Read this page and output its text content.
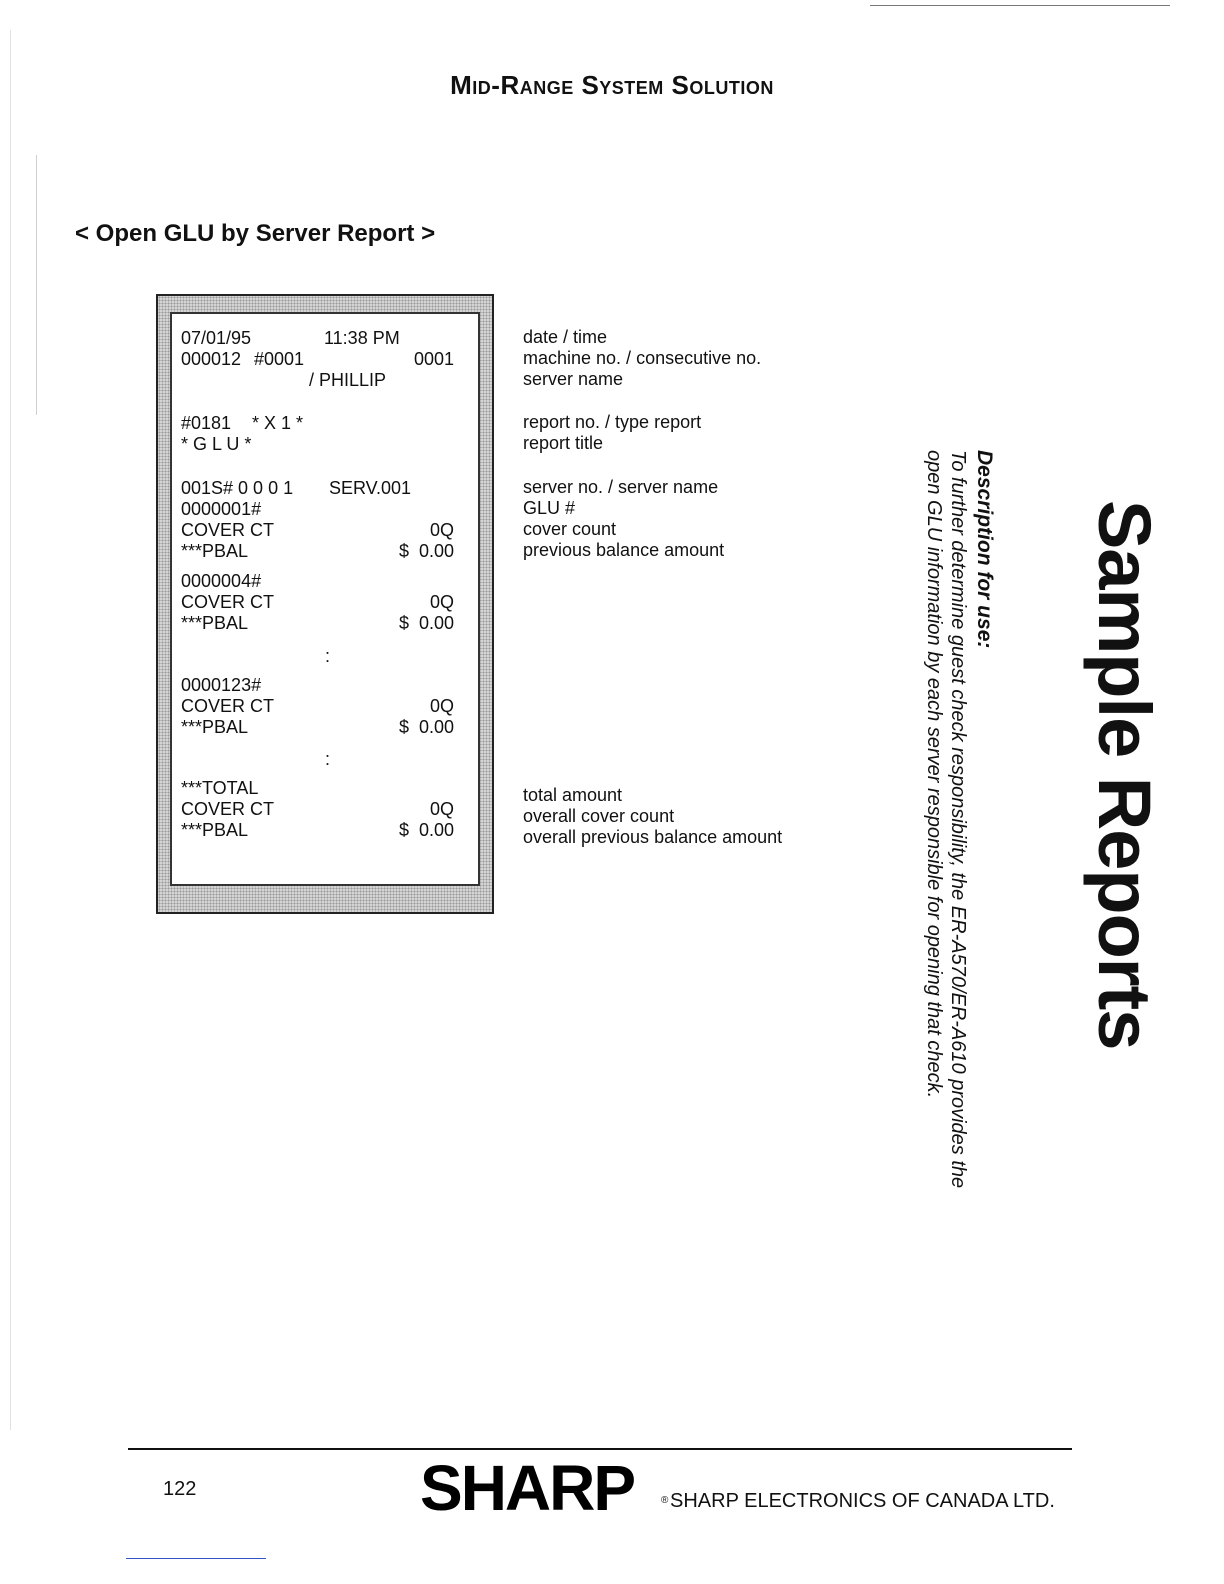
Mid-Range System Solution
< Open GLU by Server Report >
07/01/95	11:38 PM
000012 #0001	0001
/ PHILLIP
#0181 * X 1 *
* G L U *
001S# 0 0 0 1 SERV.001
0000001#
COVER CT	0Q
***PBAL	$  0.00
0000004#
COVER CT	0Q
***PBAL	$  0.00
:
0000123#
COVER CT	0Q
***PBAL	$  0.00
:
***TOTAL
COVER CT	0Q
***PBAL	$  0.00
date / time
machine no. / consecutive no.
server name
report no. / type report
report title
server no. / server name
GLU #
cover count
previous balance amount
total amount
overall cover count
overall previous balance amount	Sample Reports
Description for use:
To further determine guest check responsibility, the ER-A570/ER-A610 provides the open GLU information by each server responsible for opening that check.
122	SHARP	® SHARP ELECTRONICS OF CANADA LTD.
